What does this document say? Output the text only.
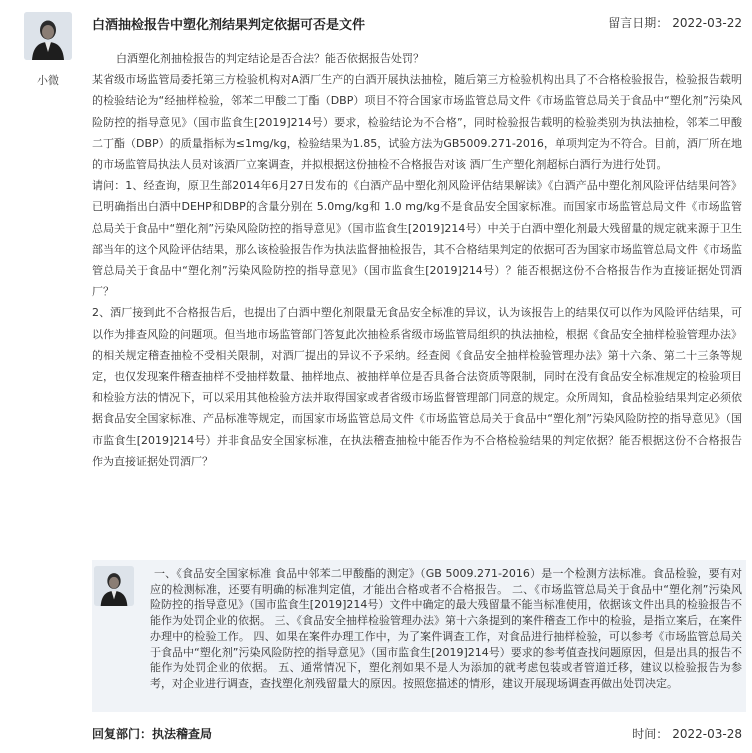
小微
白酒抽检报告中塑化剂结果判定依据可否是文件	留言日期： 2022-03-22

白酒塑化剂抽检报告的判定结论是否合法？能否依据报告处罚？

某省级市场监管局委托第三方检验机构对A酒厂生产的白酒开展执法抽检，随后第三方检验机构出具了不合格检验报告，检验报告载明的检验结论为“经抽样检验，邻苯二甲酸二丁酯（DBP）项目不符合国家市场监管总局文件《市场监管总局关于食品中“塑化剂”污染风险防控的指导意见》（国市监食生[2019]214号）要求，检验结论为不合格”，同时检验报告载明的检验类别为执法抽检，邻苯二甲酸二丁酯（DBP）的质量指标为≤1mg/kg，检验结果为1.85，试验方法为GB5009.271-2016，单项判定为不符合。目前，酒厂所在地的市场监管局执法人员对该酒厂立案调查，并拟根据这份抽检不合格报告对该 酒厂生产塑化剂超标白酒行为进行处罚。

请问：1、经查询，原卫生部2014年6月27日发布的《白酒产品中塑化剂风险评估结果解读》《白酒产品中塑化剂风险评估结果问答》已明确指出白酒中DEHP和DBP的含量分别在 5.0mg/kg和 1.0 mg/kg不是食品安全国家标准。而国家市场监管总局文件《市场监管总局关于食品中“塑化剂”污染风险防控的指导意见》（国市监食生[2019]214号）中关于白酒中塑化剂最大残留量的规定就来源于卫生部当年的这个风险评估结果，那么该检验报告作为执法监督抽检报告，其不合格结果判定的依据可否为国家市场监管总局文件《市场监管总局关于食品中“塑化剂”污染风险防控的指导意见》（国市监食生[2019]214号）？能否根据这份不合格报告作为直接证据处罚酒厂？

2、酒厂接到此不合格报告后，也提出了白酒中塑化剂限量无食品安全标准的异议，认为该报告上的结果仅可以作为风险评估结果，可以作为排查风险的问题项。但当地市场监管部门答复此次抽检系省级市场监管局组织的执法抽检，根据《食品安全抽样检验管理办法》的相关规定稽查抽检不受相关限制，对酒厂提出的异议不予采纳。经查阅《食品安全抽样检验管理办法》第十六条、第二十三条等规定，也仅发现案件稽查抽样不受抽样数量、抽样地点、被抽样单位是否具备合法资质等限制，同时在没有食品安全标准规定的检验项目和检验方法的情况下，可以采用其他检验方法并取得国家或者省级市场监督管理部门同意的规定。众所周知，食品检验结果判定必须依据食品安全国家标准、产品标准等规定，而国家市场监管总局文件《市场监管总局关于食品中“塑化剂”污染风险防控的指导意见》（国市监食生[2019]214号）并非食品安全国家标准，在执法稽查抽检中能否作为不合格检验结果的判定依据？能否根据这份不合格报告作为直接证据处罚酒厂？

一、《食品安全国家标准 食品中邻苯二甲酸酯的测定》（GB 5009.271-2016）是一个检测方法标准。食品检验，要有对应的检测标准，还要有明确的标准判定值，才能出合格或者不合格报告。 二、《市场监管总局关于食品中“塑化剂”污染风险防控的指导意见》（国市监食生[2019]214号）文件中确定的最大残留量不能当标准使用，依据该文件出具的检验报告不能作为处罚企业的依据。 三、《食品安全抽样检验管理办法》第十六条提到的案件稽查工作中的检验，是指立案后，在案件办理中的检验工作。 四、如果在案件办理工作中，为了案件调查工作，对食品进行抽样检验，可以参考《市场监管总局关于食品中“塑化剂”污染风险防控的指导意见》（国市监食生[2019]214号）要求的参考值查找问题原因，但是出具的报告不能作为处罚企业的依据。 五、通常情况下，塑化剂如果不是人为添加的就考虑包装或者管道迁移，建议以检验报告为参考，对企业进行调查，查找塑化剂残留量大的原因。按照您描述的情形，建议开展现场调查再做出处罚决定。
回复部门：执法稽查局	时间： 2022-03-28
